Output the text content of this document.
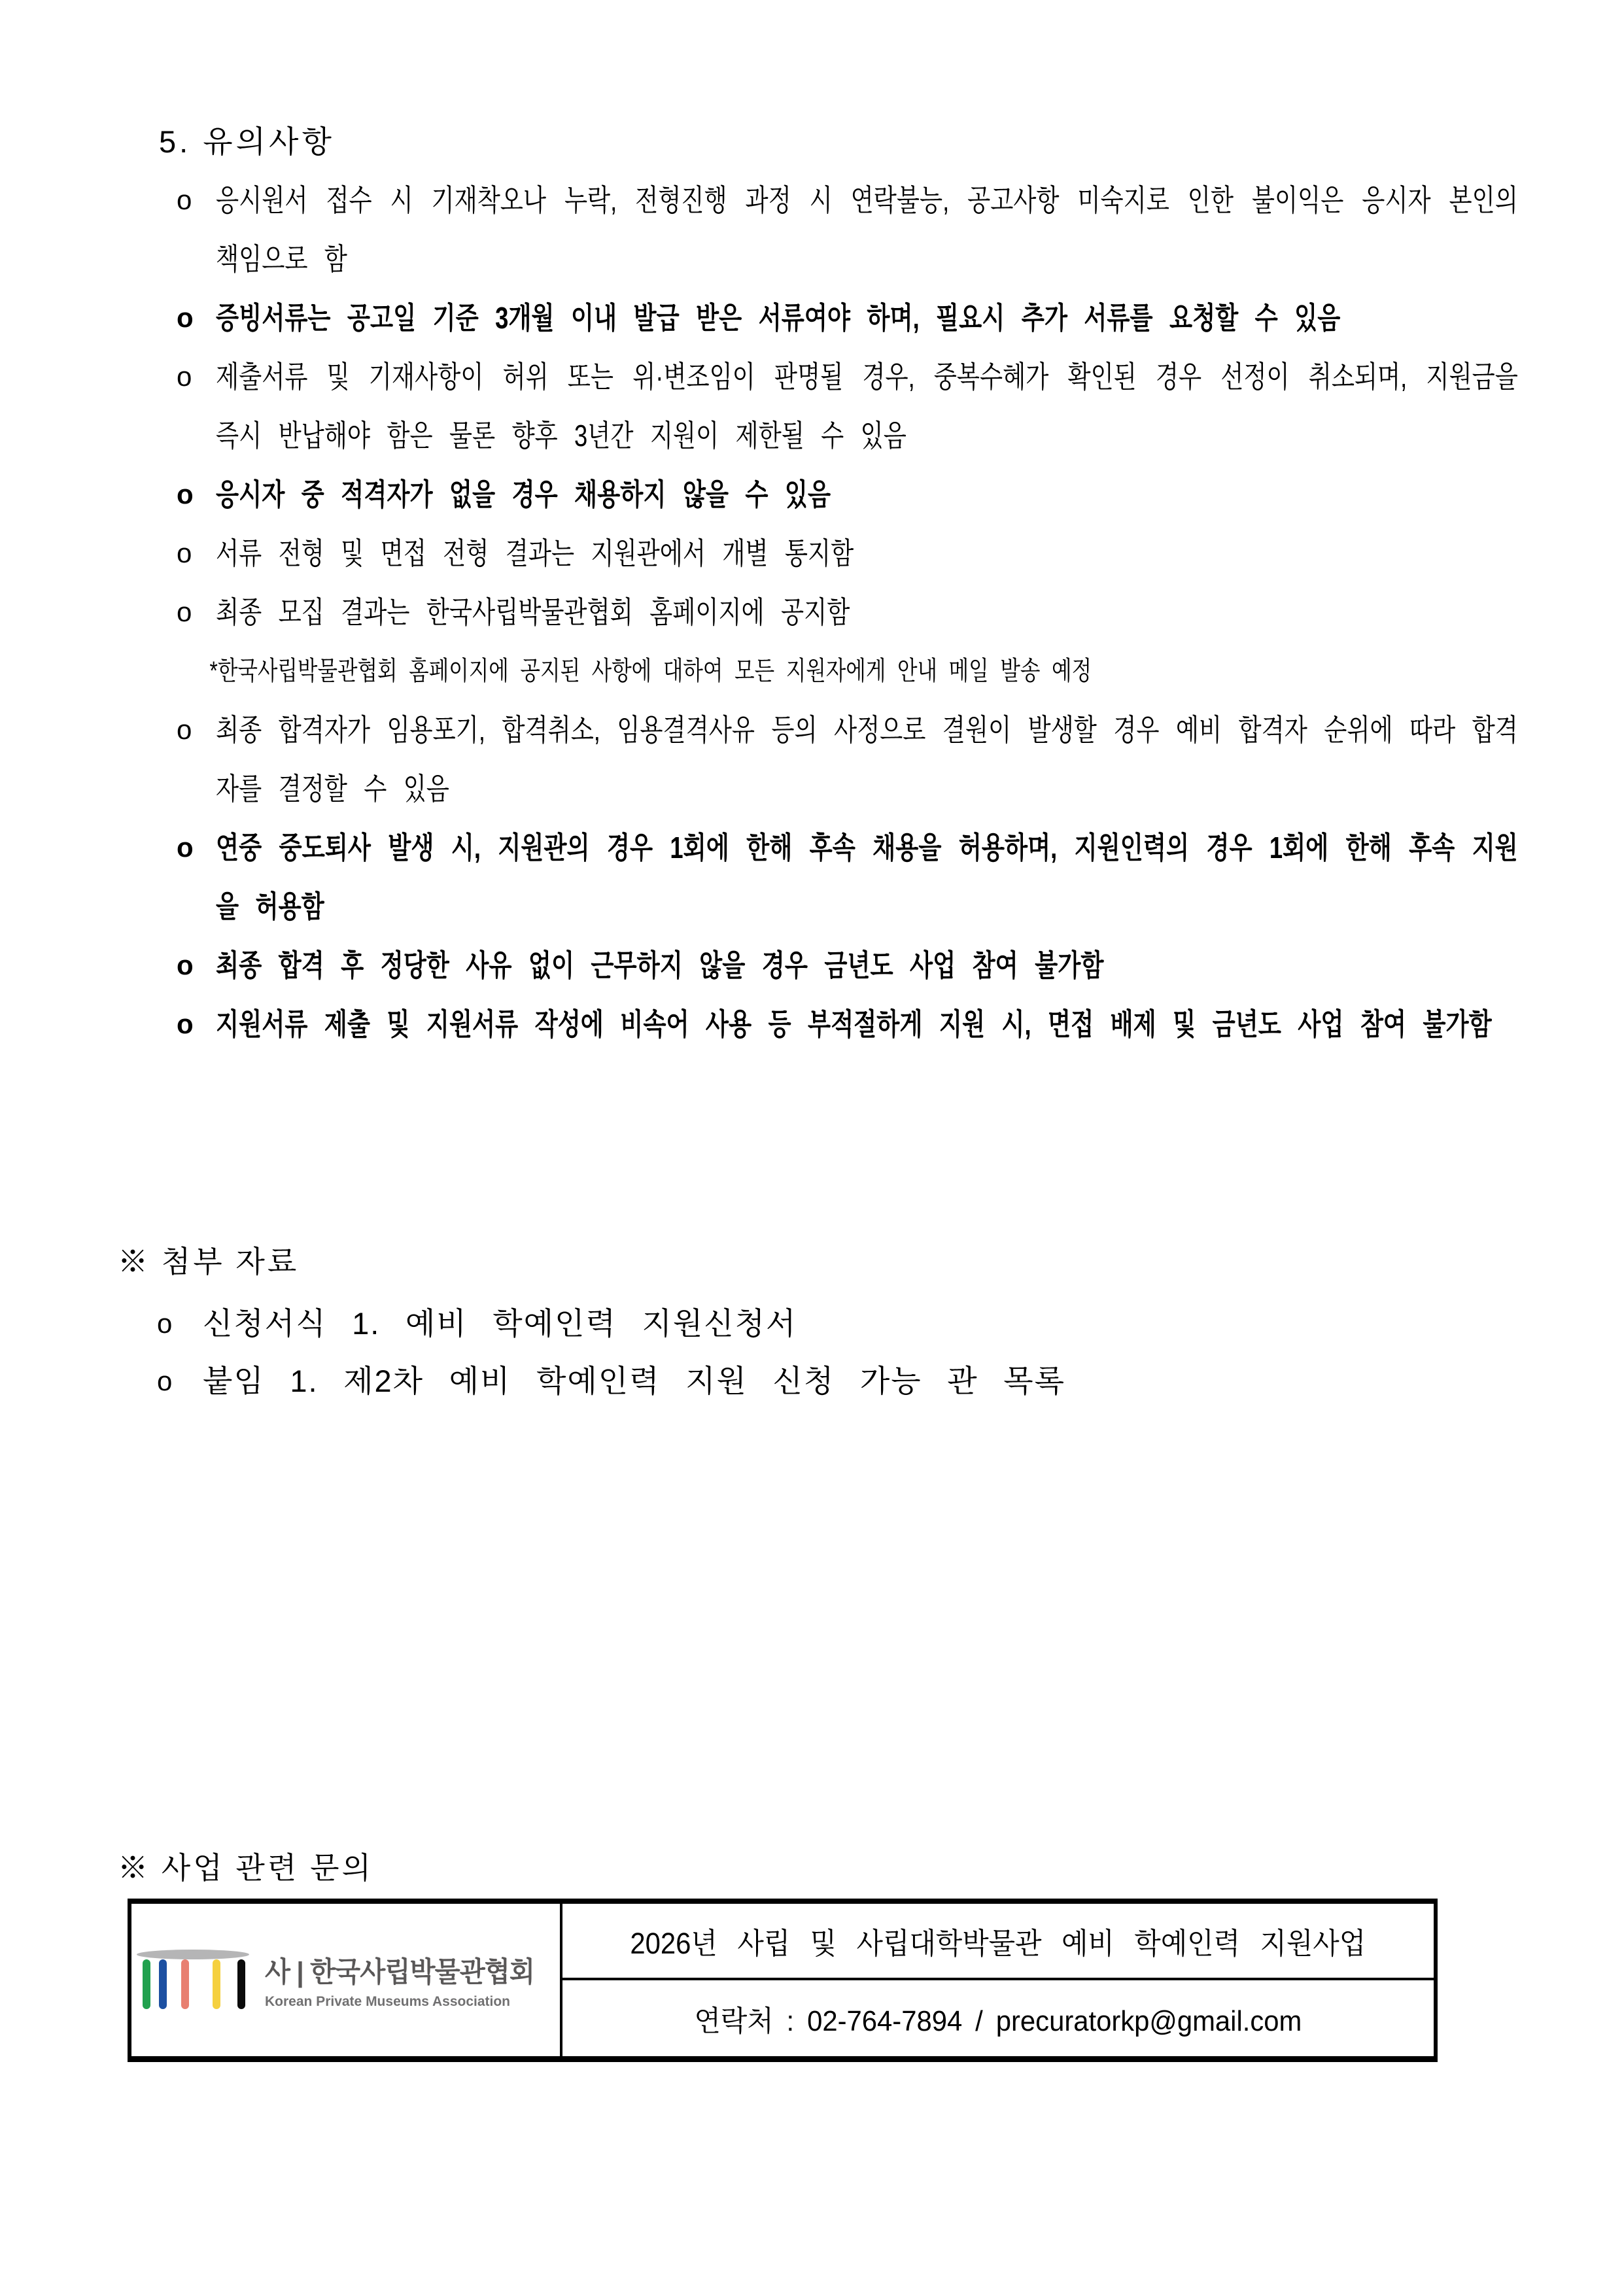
5. 유의사항
o 응시원서 접수 시 기재착오나 누락, 전형진행 과정 시 연락불능, 공고사항 미숙지로 인한 불이익은 응시자 본인의 책임으로 함
o 증빙서류는 공고일 기준 3개월 이내 발급 받은 서류여야 하며, 필요시 추가 서류를 요청할 수 있음
o 제출서류 및 기재사항이 허위 또는 위·변조임이 판명될 경우, 중복수혜가 확인된 경우 선정이 취소되며, 지원금을 즉시 반납해야 함은 물론 향후 3년간 지원이 제한될 수 있음
o 응시자 중 적격자가 없을 경우 채용하지 않을 수 있음
o 서류 전형 및 면접 전형 결과는 지원관에서 개별 통지함
o 최종 모집 결과는 한국사립박물관협회 홈페이지에 공지함
*한국사립박물관협회 홈페이지에 공지된 사항에 대하여 모든 지원자에게 안내 메일 발송 예정
o 최종 합격자가 임용포기, 합격취소, 임용결격사유 등의 사정으로 결원이 발생할 경우 예비 합격자 순위에 따라 합격자를 결정할 수 있음
o 연중 중도퇴사 발생 시, 지원관의 경우 1회에 한해 후속 채용을 허용하며, 지원인력의 경우 1회에 한해 후속 지원을 허용함
o 최종 합격 후 정당한 사유 없이 근무하지 않을 경우 금년도 사업 참여 불가함
o 지원서류 제출 및 지원서류 작성에 비속어 사용 등 부적절하게 지원 시, 면접 배제 및 금년도 사업 참여 불가함
※ 첨부 자료
o 신청서식 1. 예비 학예인력 지원신청서
o 붙임 1. 제2차 예비 학예인력 지원 신청 가능 관 목록
※ 사업 관련 문의
사 | 한국사립박물관협회
Korean Private Museums Association
2026년 사립 및 사립대학박물관 예비 학예인력 지원사업
연락처 : 02-764-7894 / precuratorkp@gmail.com
